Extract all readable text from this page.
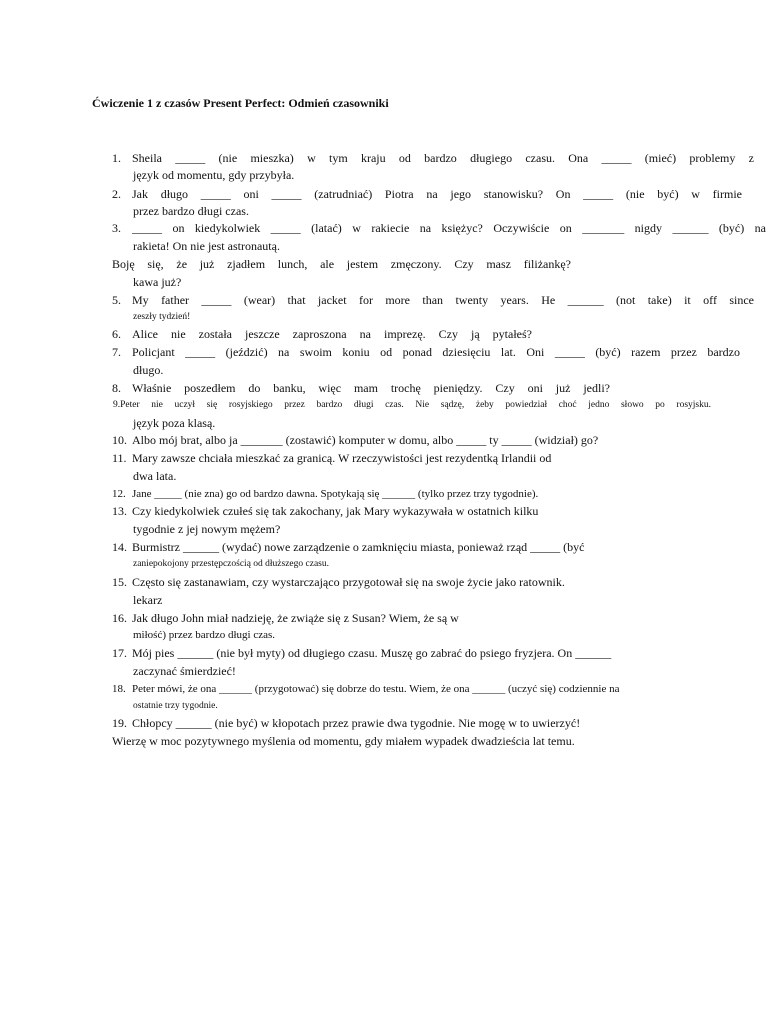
Ćwiczenie 1 z czasów Present Perfect: Odmień czasowniki
1. Sheila _____ (nie mieszka) w tym kraju od bardzo długiego czasu. Ona _____ (mieć) problemy z
język od momentu, gdy przybyła.
2. Jak długo _____ oni _____ (zatrudniać) Piotra na jego stanowisku? On _____ (nie być) w firmie
przez bardzo długi czas.
3. _____ on kiedykolwiek _____ (latać) w rakiecie na księżyc? Oczywiście on _______ nigdy ______ (być) na
rakieta! On nie jest astronautą.
Boję się, że już zjadłem lunch, ale jestem zmęczony. Czy masz filiżankę?
kawa już?
5. My father _____ (wear) that jacket for more than twenty years. He ______ (not take) it off since
zeszły tydzień!
6. Alice nie została jeszcze zaproszona na imprezę. Czy ją pytałeś?
7. Policjant _____ (jeździć) na swoim koniu od ponad dziesięciu lat. Oni _____ (być) razem przez bardzo
długo.
8. Właśnie poszedłem do banku, więc mam trochę pieniędzy. Czy oni już jedli?
9.Peter nie uczył się rosyjskiego przez bardzo długi czas. Nie sądzę, żeby powiedział choć jedno słowo po rosyjsku.
język poza klasą.
10. Albo mój brat, albo ja _______ (zostawić) komputer w domu, albo _____ ty _____ (widział) go?
11. Mary zawsze chciała mieszkać za granicą. W rzeczywistości jest rezydentką Irlandii od
dwa lata.
12. Jane _____ (nie zna) go od bardzo dawna. Spotykają się ______ (tylko przez trzy tygodnie).
13. Czy kiedykolwiek czułeś się tak zakochany, jak Mary wykazywała w ostatnich kilku
tygodnie z jej nowym mężem?
14. Burmistrz ______ (wydać) nowe zarządzenie o zamknięciu miasta, ponieważ rząd _____ (być
zaniepokojony przestępczością od dłuższego czasu.
15. Często się zastanawiam, czy wystarczająco przygotował się na swoje życie jako ratownik.
lekarz
16. Jak długo John miał nadzieję, że zwiąże się z Susan? Wiem, że są w
miłość) przez bardzo długi czas.
17. Mój pies ______ (nie był myty) od długiego czasu. Muszę go zabrać do psiego fryzjera. On ______
zaczynać śmierdzieć!
18. Peter mówi, że ona ______ (przygotować) się dobrze do testu. Wiem, że ona ______ (uczyć się) codziennie na
ostatnie trzy tygodnie.
19. Chłopcy ______ (nie być) w kłopotach przez prawie dwa tygodnie. Nie mogę w to uwierzyć!
Wierzę w moc pozytywnego myślenia od momentu, gdy miałem wypadek dwadzieścia lat temu.
